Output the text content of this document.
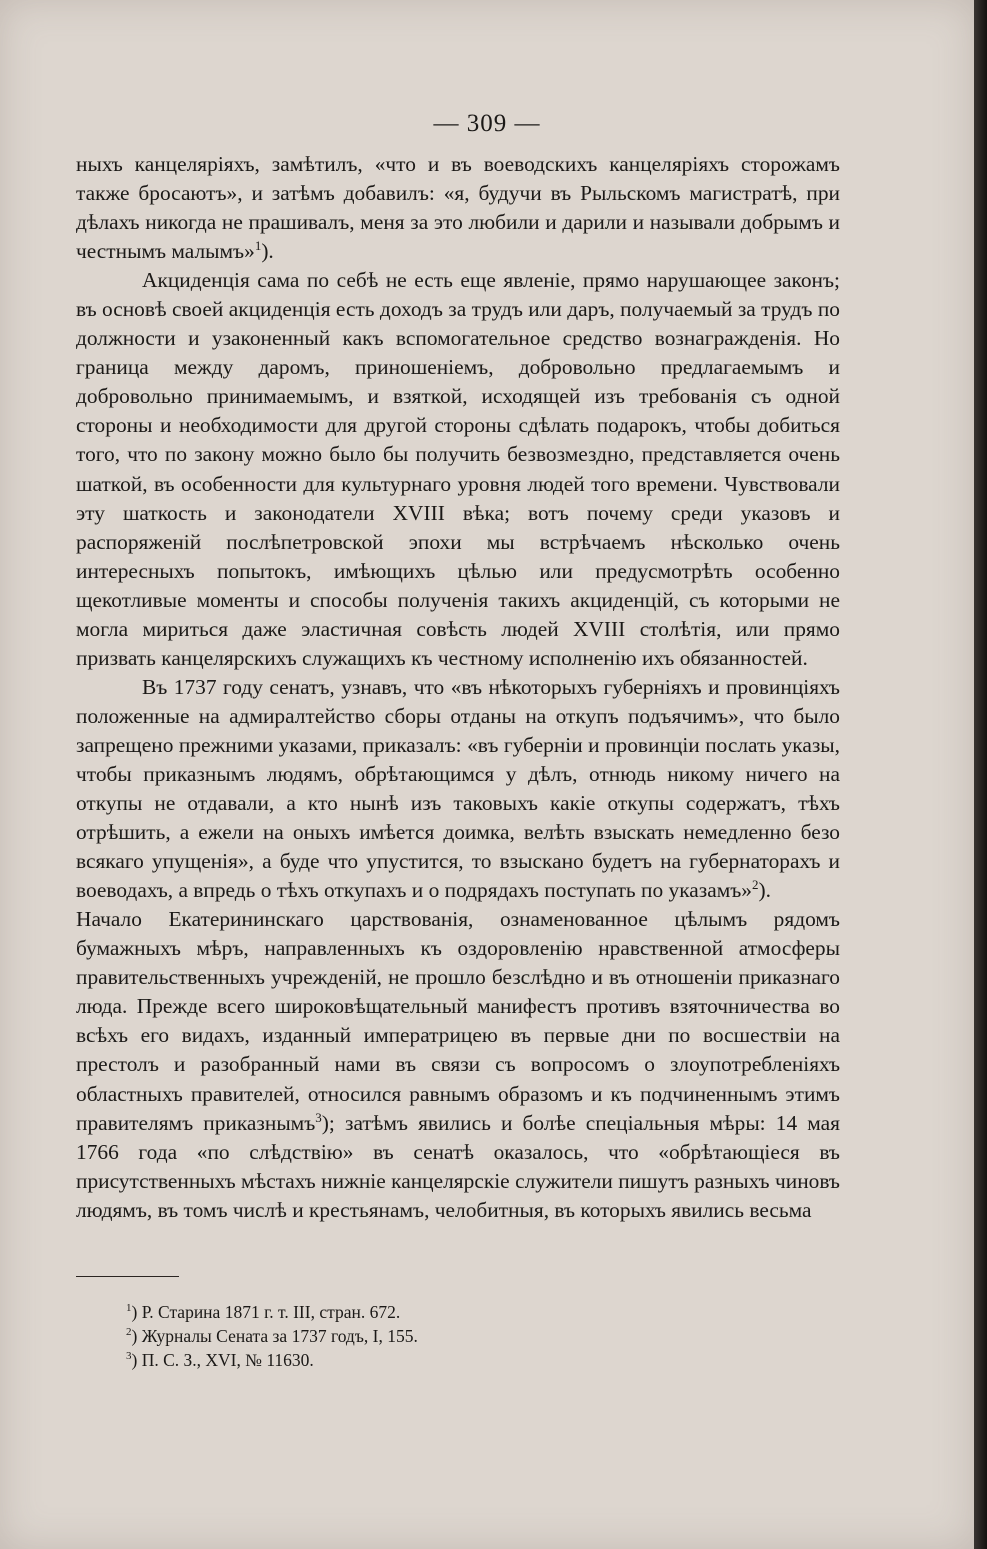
— 309 —

ныхъ канцеляріяхъ, замѣтилъ, «что и въ воеводскихъ канцеляріяхъ сторожамъ также бросаютъ», и затѣмъ добавилъ: «я, будучи въ Рыльскомъ магистратѣ, при дѣлахъ никогда не прашивалъ, меня за это любили и дарили и называли добрымъ и честнымъ малымъ»$^1$).

Акциденція сама по себѣ не есть еще явленіе, прямо нарушающее законъ; въ основѣ своей акциденція есть доходъ за трудъ или даръ, получаемый за трудъ по должности и узаконенный какъ вспомогательное средство вознагражденія. Но граница между даромъ, приношеніемъ, добровольно предлагаемымъ и добровольно принимаемымъ, и взяткой, исходящей изъ требованія съ одной стороны и необходимости для другой стороны сдѣлать подарокъ, чтобы добиться того, что по закону можно было бы получить безвозмездно, представляется очень шаткой, въ особенности для культурнаго уровня людей того времени. Чувствовали эту шаткость и законодатели XVIII вѣка; вотъ почему среди указовъ и распоряженій послѣпетровской эпохи мы встрѣчаемъ нѣсколько очень интересныхъ попытокъ, имѣющихъ цѣлью или предусмотрѣть особенно щекотливые моменты и способы полученія такихъ акциденцій, съ которыми не могла мириться даже эластичная совѣсть людей XVIII столѣтія, или прямо призвать канцелярскихъ служащихъ къ честному исполненію ихъ обязанностей.

Въ 1737 году сенатъ, узнавъ, что «въ нѣкоторыхъ губерніяхъ и провинціяхъ положенные на адмиралтейство сборы отданы на откупъ подъячимъ», что было запрещено прежними указами, приказалъ: «въ губерніи и провинціи послать указы, чтобы приказнымъ людямъ, обрѣтающимся у дѣлъ, отнюдь никому ничего на откупы не отдавали, а кто нынѣ изъ таковыхъ какіе откупы содержатъ, тѣхъ отрѣшить, а ежели на оныхъ имѣется доимка, велѣть взыскать немедленно безо всякаго упущенія», а буде что упустится, то взыскано будетъ на губернаторахъ и воеводахъ, а впредь о тѣхъ откупахъ и о подрядахъ поступать по указамъ»$^2$).

Начало Екатерининскаго царствованія, ознаменованное цѣлымъ рядомъ бумажныхъ мѣръ, направленныхъ къ оздоровленію нравственной атмосферы правительственныхъ учрежденій, не прошло безслѣдно и въ отношеніи приказнаго люда. Прежде всего широковѣщательный манифестъ противъ взяточничества во всѣхъ его видахъ, изданный императрицею въ первые дни по восшествіи на престолъ и разобранный нами въ связи съ вопросомъ о злоупотребленіяхъ областныхъ правителей, относился равнымъ образомъ и къ подчиненнымъ этимъ правителямъ приказнымъ$^3$); затѣмъ явились и болѣе спеціальныя мѣры: 14 мая 1766 года «по слѣдствію» въ сенатѣ оказалось, что «обрѣтающіеся въ присутственныхъ мѣстахъ нижніе канцелярскіе служители пишутъ разныхъ чиновъ людямъ, въ томъ числѣ и крестьянамъ, челобитныя, въ которыхъ явились весьма

$^1$) Р. Старина 1871 г. т. III, стран. 672.
$^2$) Журналы Сената за 1737 годъ, I, 155.
$^3$) П. С. З., XVI, № 11630.
